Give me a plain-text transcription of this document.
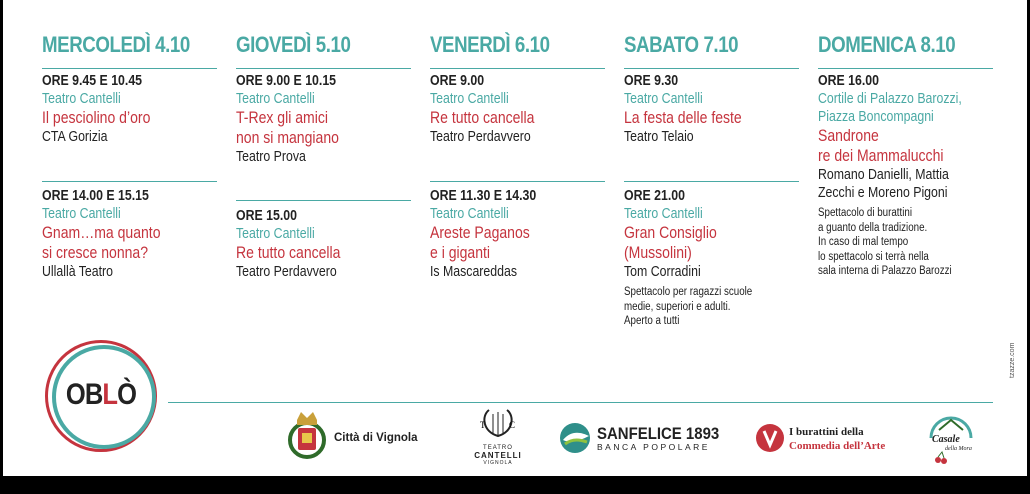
MERCOLEDÌ 4.10
ORE 9.45 E 10.45
Teatro Cantelli
Il pesciolino d’oro
CTA Gorizia
ORE 14.00 E 15.15
Teatro Cantelli
Gnam…ma quanto
si cresce nonna?
Ullallà Teatro
GIOVEDÌ 5.10
ORE 9.00 E 10.15
Teatro Cantelli
T-Rex gli amici
non si mangiano
Teatro Prova
ORE 15.00
Teatro Cantelli
Re tutto cancella
Teatro Perdavvero
VENERDÌ 6.10
ORE 9.00
Teatro Cantelli
Re tutto cancella
Teatro Perdavvero
ORE 11.30 E 14.30
Teatro Cantelli
Areste Paganos
e i giganti
Is Mascareddas
SABATO 7.10
ORE 9.30
Teatro Cantelli
La festa delle feste
Teatro Telaio
ORE 21.00
Teatro Cantelli
Gran Consiglio
(Mussolini)
Tom Corradini
Spettacolo per ragazzi scuole
medie, superiori e adulti.
Aperto a tutti
DOMENICA 8.10
ORE 16.00
Cortile di Palazzo Barozzi,
Piazza Boncompagni
Sandrone
re dei Mammalucchi
Romano Danielli, Mattia
Zecchi e Moreno Pigoni
Spettacolo di burattini
a guanto della tradizione.
In caso di mal tempo
lo spettacolo si terrà nella
sala interna di Palazzo Barozzi
OBLÒ
tzazze.com
Città di Vignola
T	C
TEATRO
CANTELLI
VIGNOLA
SANFELICE 1893
BANCA POPOLARE
I burattini della
Commedia dell’Arte
Casale
della Mora
